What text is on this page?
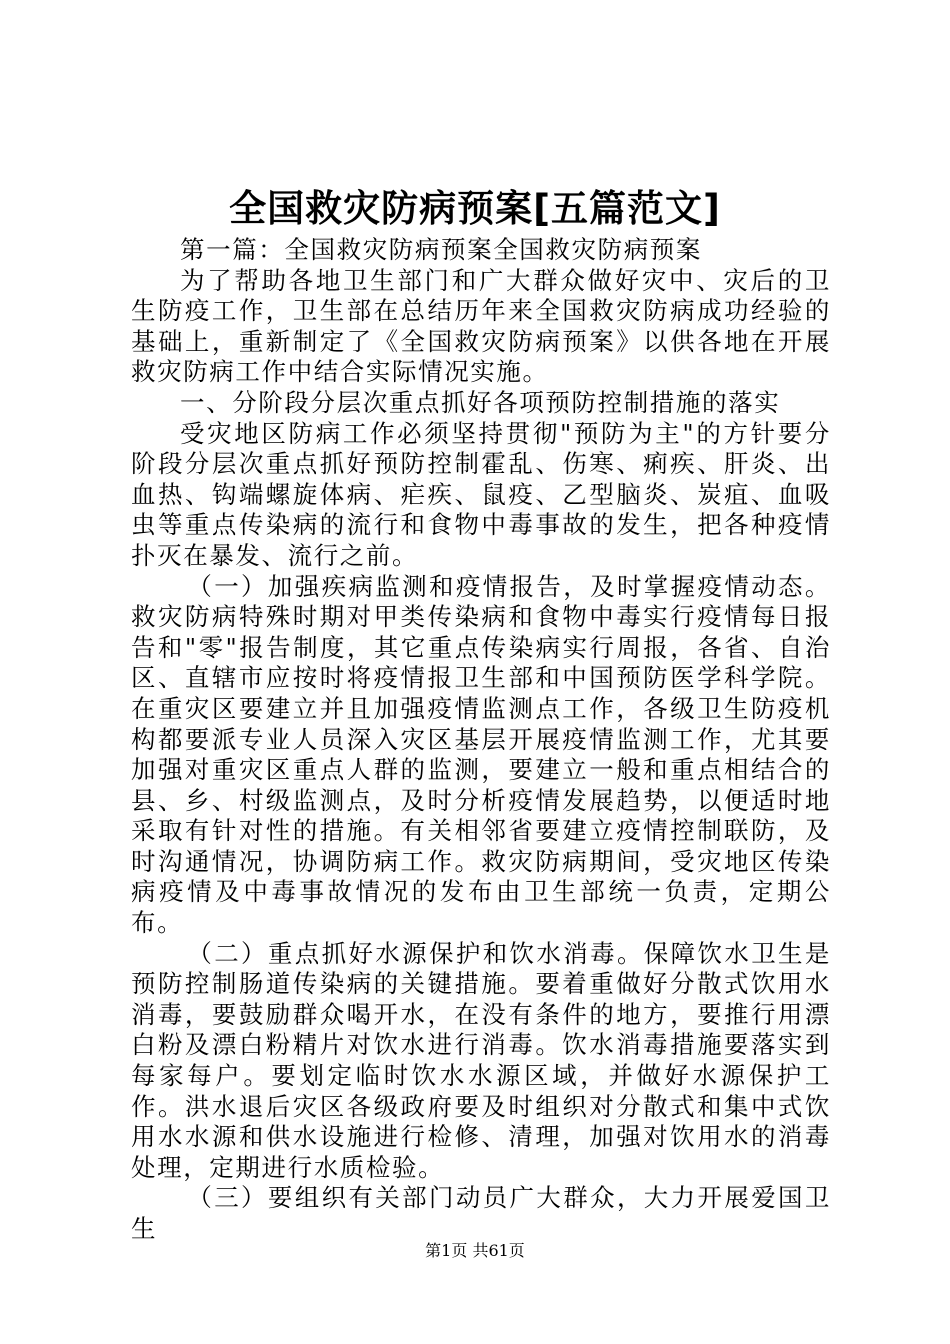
全国救灾防病预案[五篇范文]

第一篇：全国救灾防病预案全国救灾防病预案

为了帮助各地卫生部门和广大群众做好灾中、灾后的卫生防疫工作，卫生部在总结历年来全国救灾防病成功经验的基础上，重新制定了《全国救灾防病预案》以供各地在开展救灾防病工作中结合实际情况实施。

一、分阶段分层次重点抓好各项预防控制措施的落实

受灾地区防病工作必须坚持贯彻"预防为主"的方针要分阶段分层次重点抓好预防控制霍乱、伤寒、痢疾、肝炎、出血热、钩端螺旋体病、疟疾、鼠疫、乙型脑炎、炭疽、血吸虫等重点传染病的流行和食物中毒事故的发生，把各种疫情扑灭在暴发、流行之前。

（一）加强疾病监测和疫情报告，及时掌握疫情动态。救灾防病特殊时期对甲类传染病和食物中毒实行疫情每日报告和"零"报告制度，其它重点传染病实行周报，各省、自治区、直辖市应按时将疫情报卫生部和中国预防医学科学院。在重灾区要建立并且加强疫情监测点工作，各级卫生防疫机构都要派专业人员深入灾区基层开展疫情监测工作，尤其要加强对重灾区重点人群的监测，要建立一般和重点相结合的县、乡、村级监测点，及时分析疫情发展趋势，以便适时地采取有针对性的措施。有关相邻省要建立疫情控制联防，及时沟通情况，协调防病工作。救灾防病期间，受灾地区传染病疫情及中毒事故情况的发布由卫生部统一负责，定期公布。

（二）重点抓好水源保护和饮水消毒。保障饮水卫生是预防控制肠道传染病的关键措施。要着重做好分散式饮用水消毒，要鼓励群众喝开水，在没有条件的地方，要推行用漂白粉及漂白粉精片对饮水进行消毒。饮水消毒措施要落实到每家每户。要划定临时饮水水源区域，并做好水源保护工作。洪水退后灾区各级政府要及时组织对分散式和集中式饮用水水源和供水设施进行检修、清理，加强对饮用水的消毒处理，定期进行水质检验。

（三）要组织有关部门动员广大群众，大力开展爱国卫生

第1页 共61页
